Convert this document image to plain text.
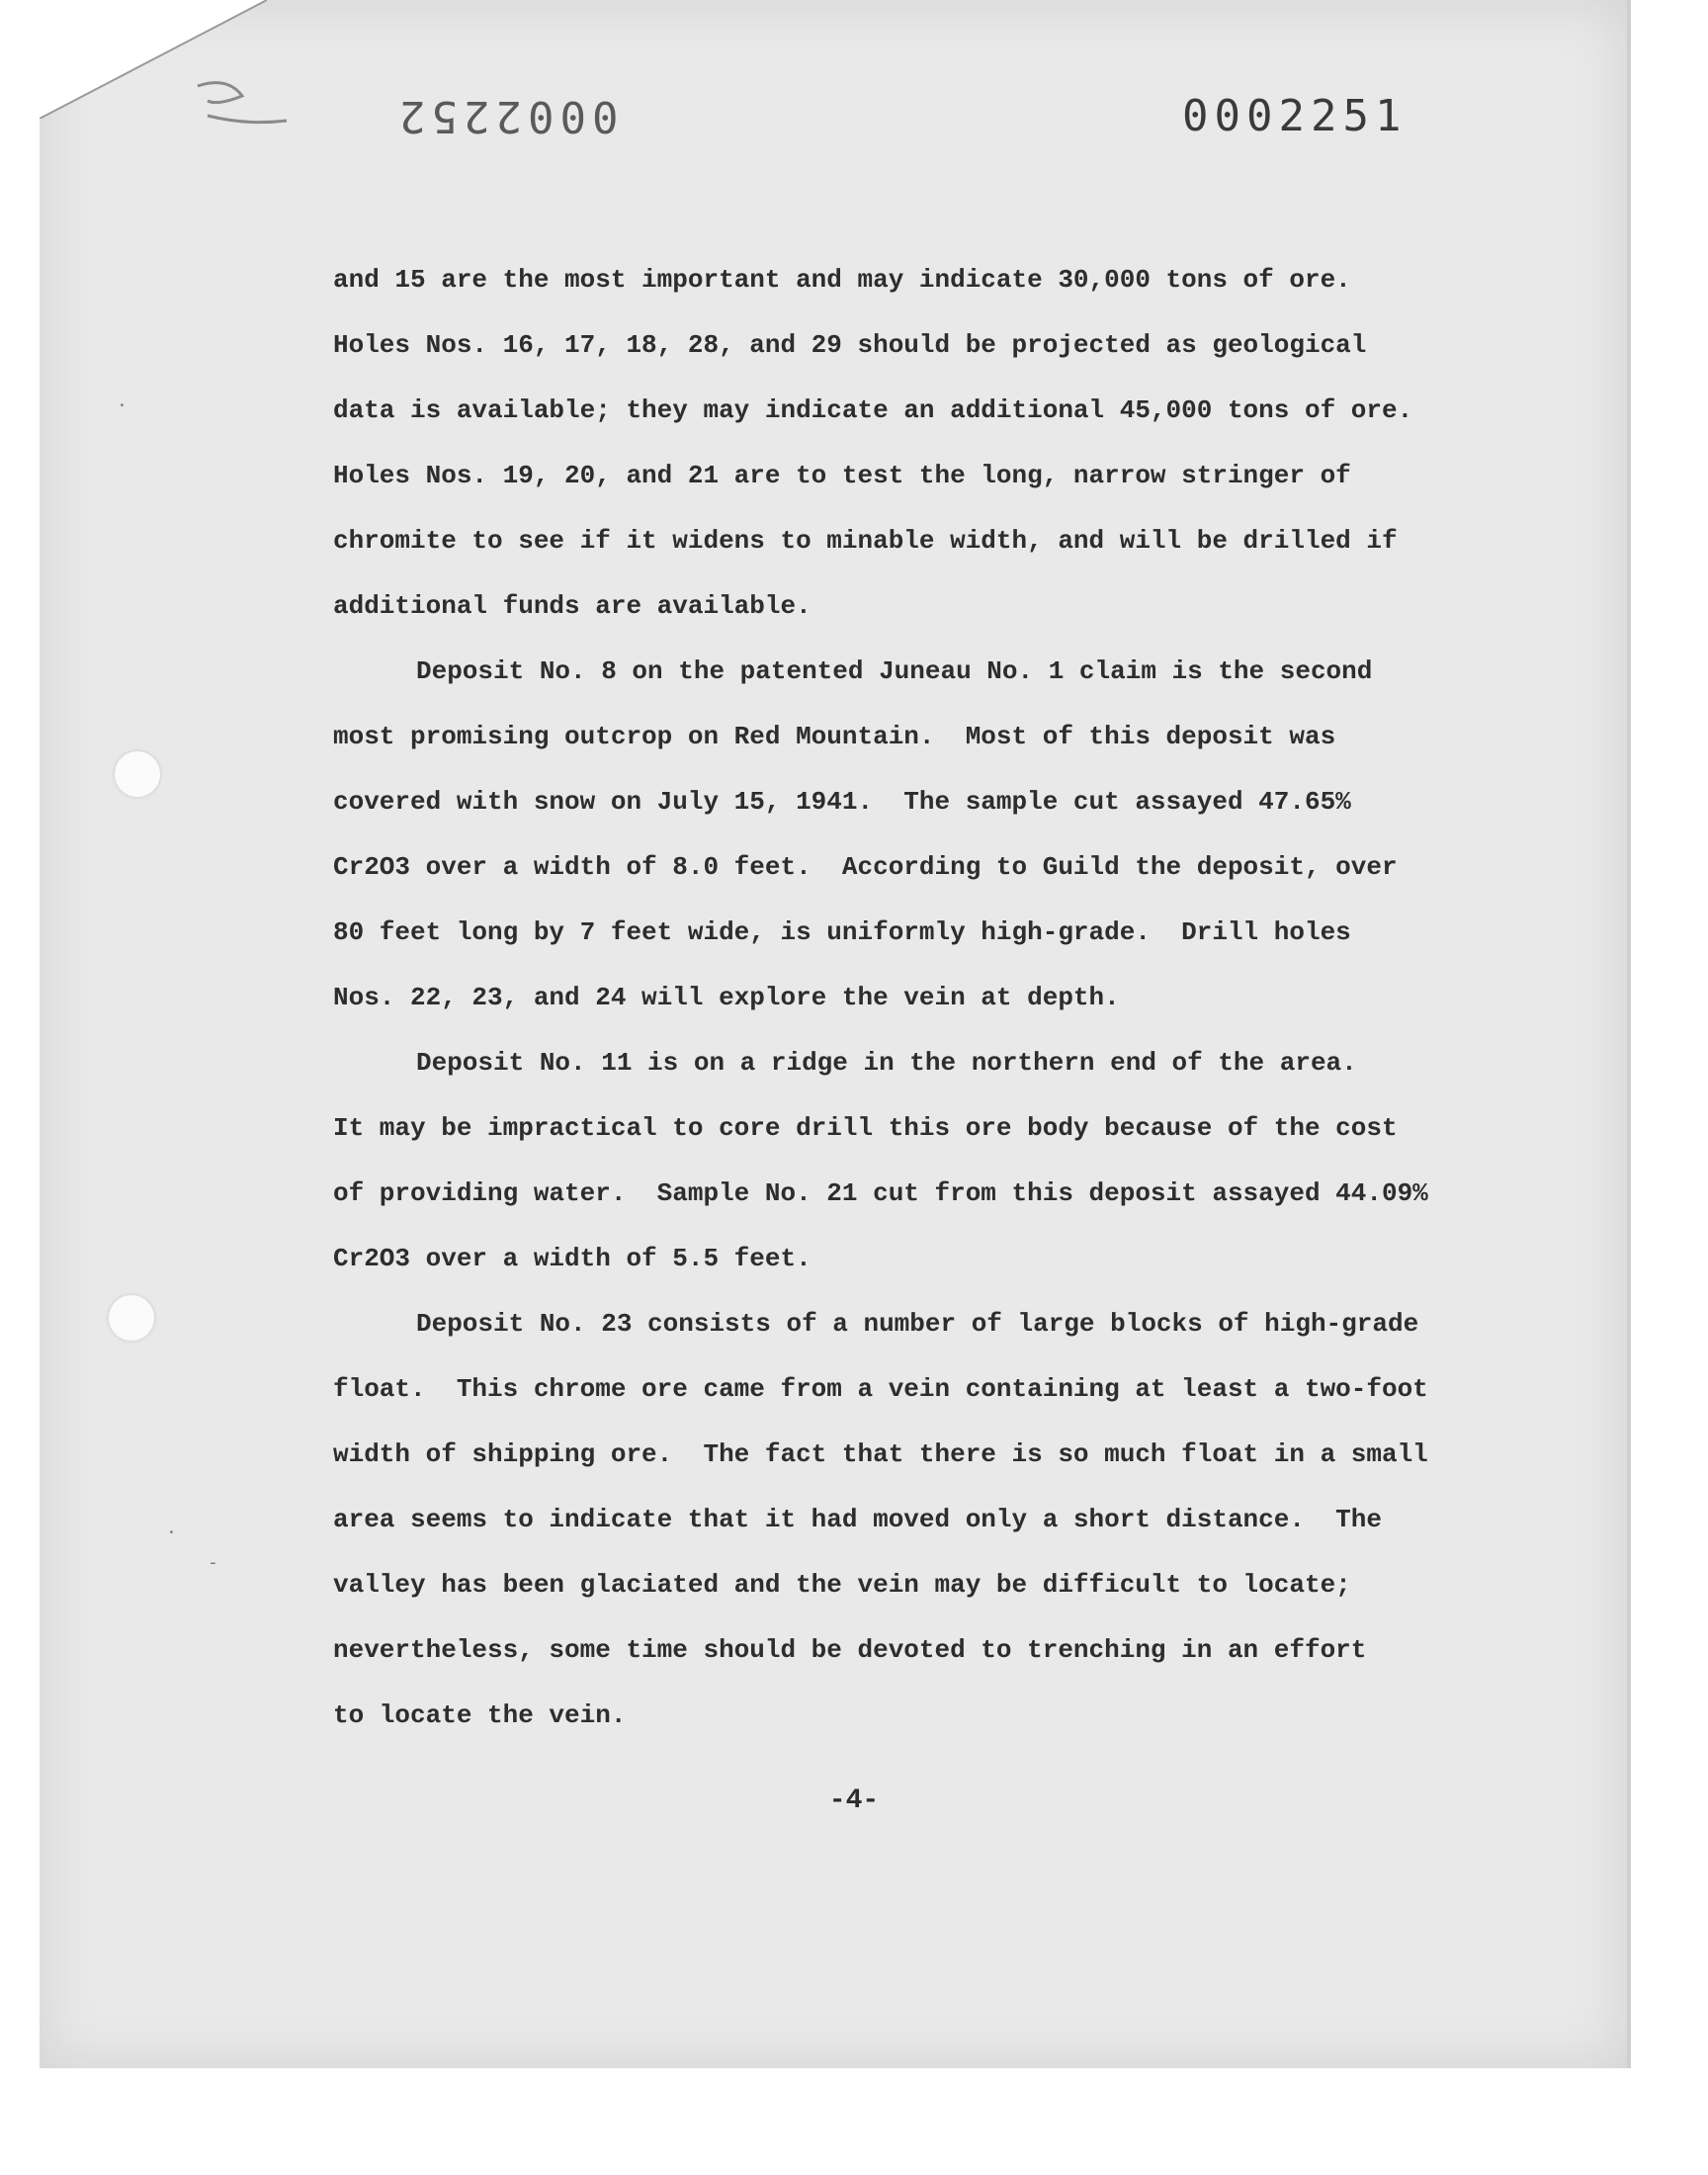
0002252	0002251
·
·
-

and 15 are the most important and may indicate 30,000 tons of ore.
Holes Nos. 16, 17, 18, 28, and 29 should be projected as geological
data is available; they may indicate an additional 45,000 tons of ore.
Holes Nos. 19, 20, and 21 are to test the long, narrow stringer of
chromite to see if it widens to minable width, and will be drilled if
additional funds are available.

Deposit No. 8 on the patented Juneau No. 1 claim is the second
most promising outcrop on Red Mountain.  Most of this deposit was
covered with snow on July 15, 1941.  The sample cut assayed 47.65%
Cr2O3 over a width of 8.0 feet.  According to Guild the deposit, over
80 feet long by 7 feet wide, is uniformly high-grade.  Drill holes
Nos. 22, 23, and 24 will explore the vein at depth.

Deposit No. 11 is on a ridge in the northern end of the area.
It may be impractical to core drill this ore body because of the cost
of providing water.  Sample No. 21 cut from this deposit assayed 44.09%
Cr2O3 over a width of 5.5 feet.

Deposit No. 23 consists of a number of large blocks of high-grade
float.  This chrome ore came from a vein containing at least a two-foot
width of shipping ore.  The fact that there is so much float in a small
area seems to indicate that it had moved only a short distance.  The
valley has been glaciated and the vein may be difficult to locate;
nevertheless, some time should be devoted to trenching in an effort
to locate the vein.

-4-
